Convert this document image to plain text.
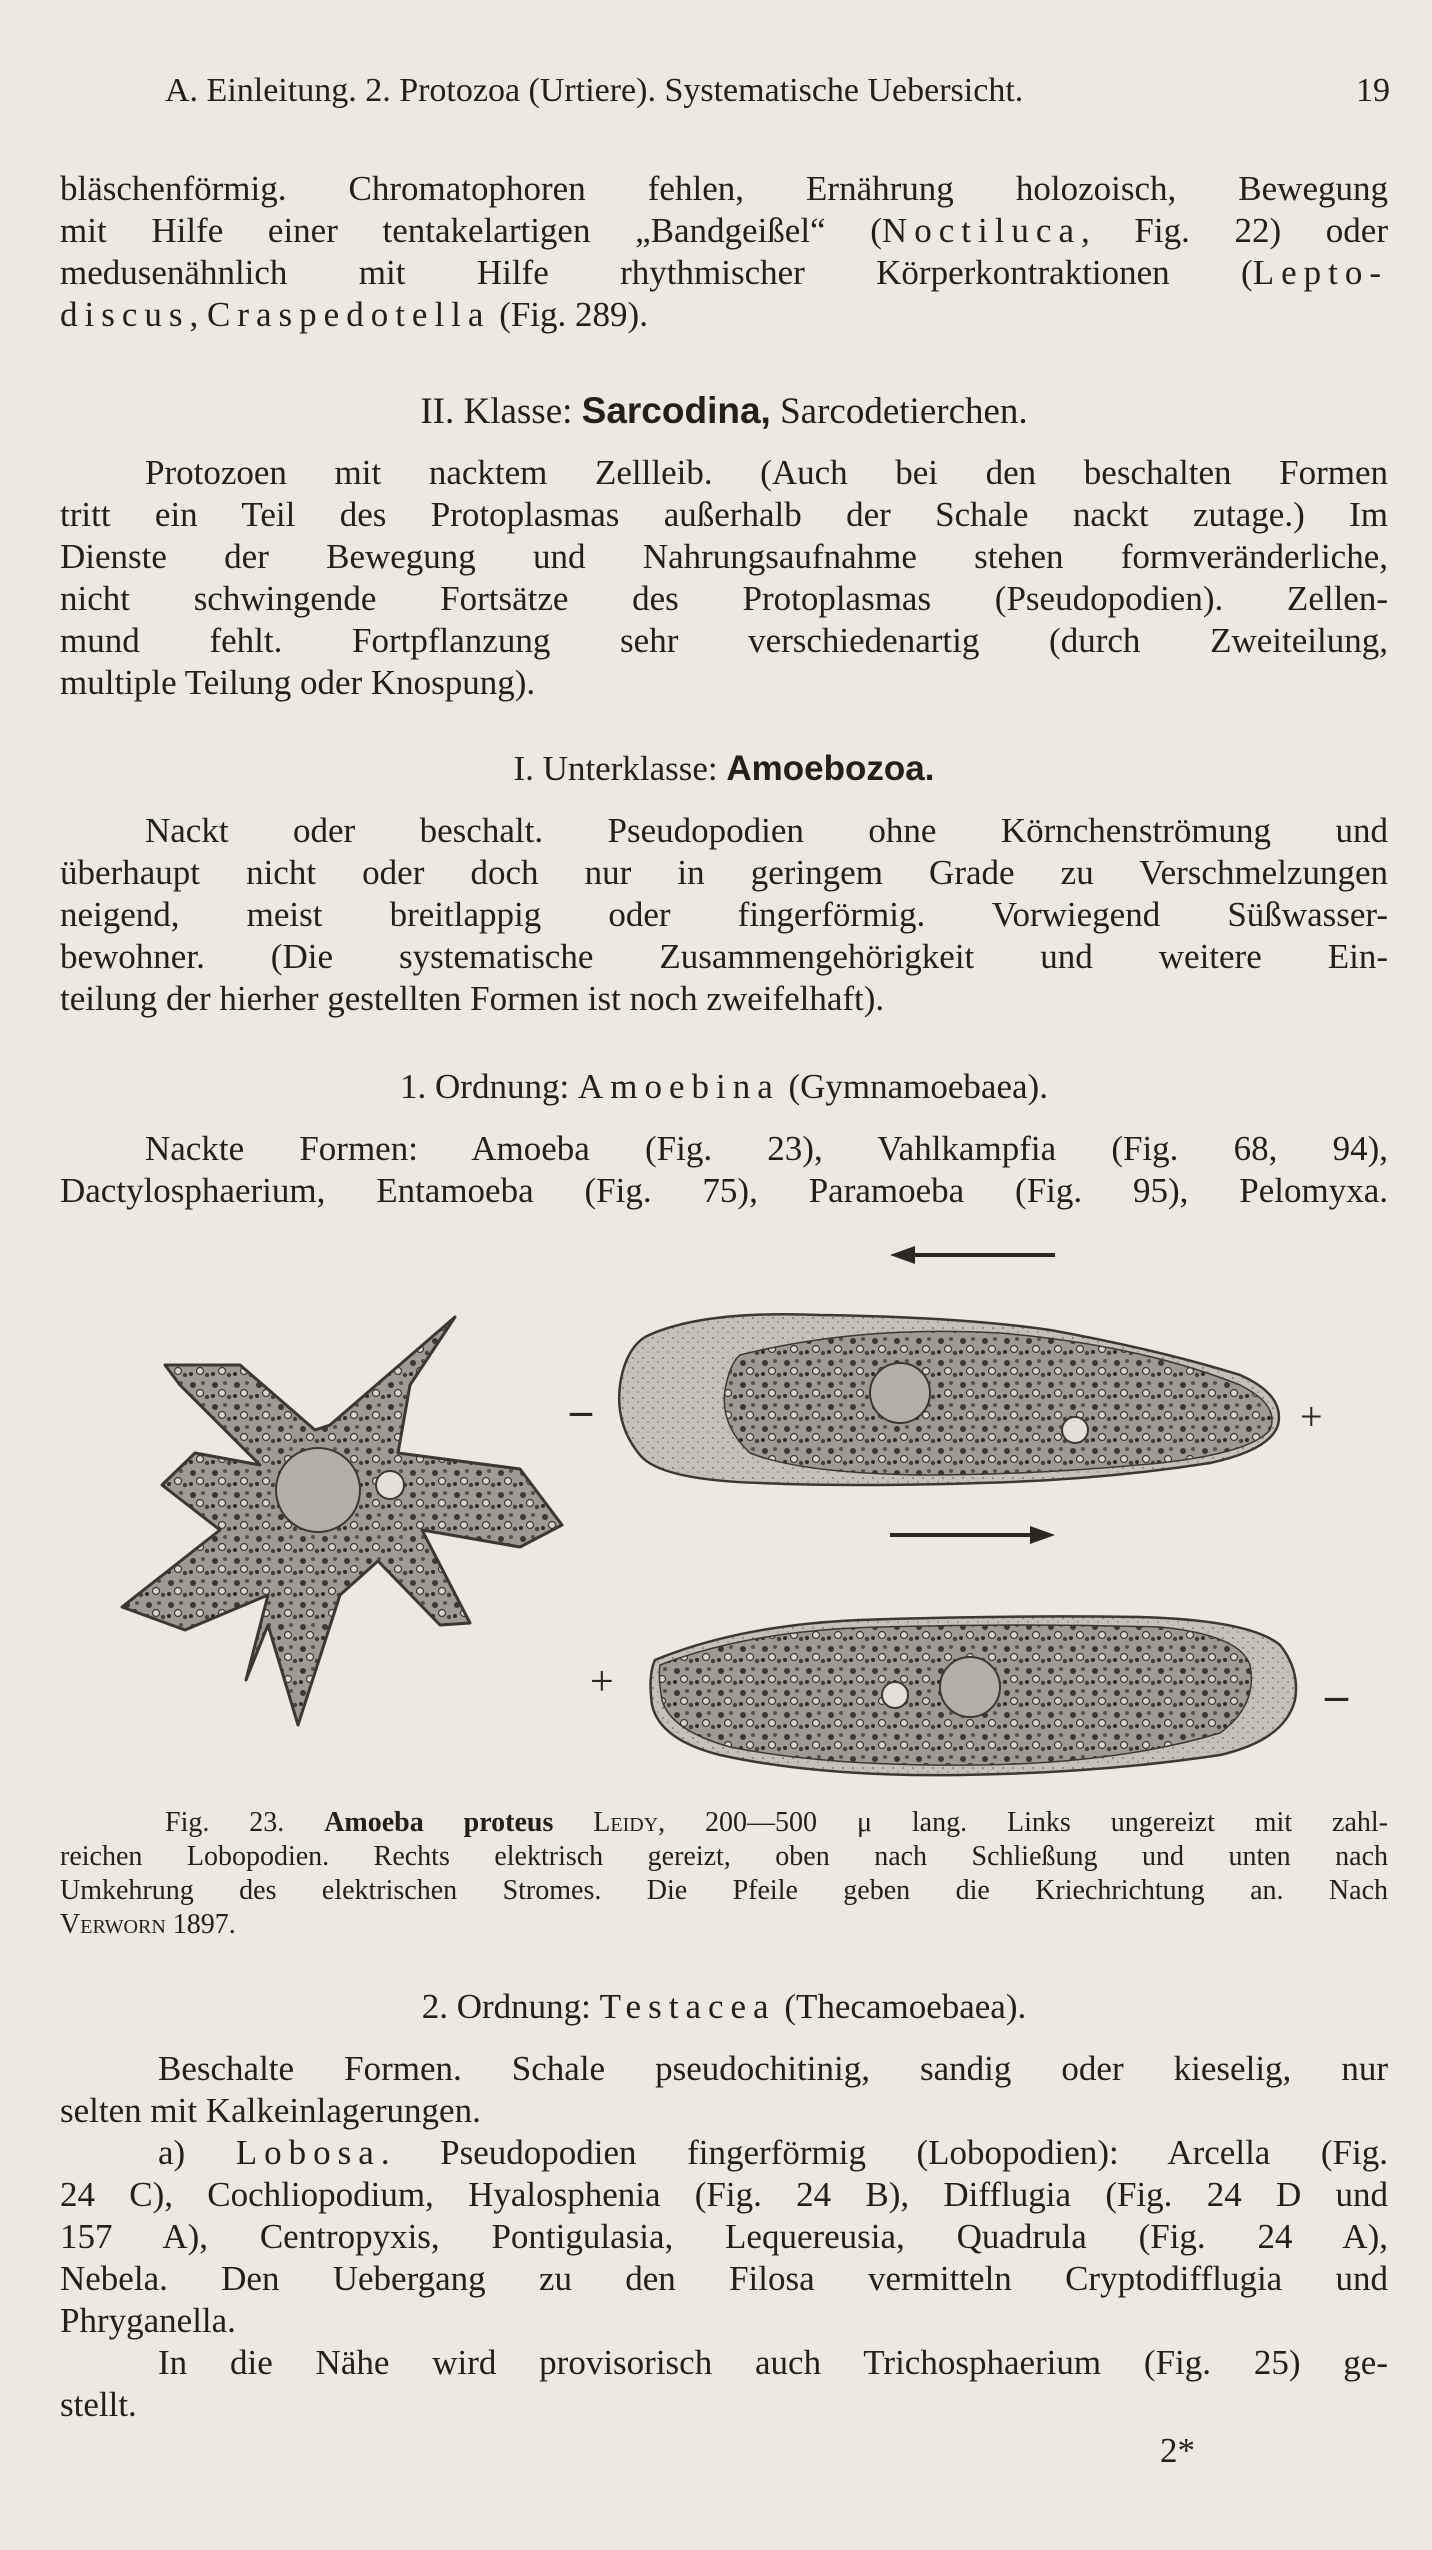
A. Einleitung. 2. Protozoa (Urtiere). Systematische Uebersicht.	19
bläschenförmig. Chromatophoren fehlen, Ernährung holozoisch, Bewegung
mit Hilfe einer tentakelartigen „Bandgeißel“ (Noctiluca, Fig. 22) oder
medusenähnlich mit Hilfe rhythmischer Körperkontraktionen (Lepto-
discus, Craspedotella (Fig. 289).
II. Klasse: Sarcodina, Sarcodetierchen.
Protozoen mit nacktem Zellleib. (Auch bei den beschalten Formen
tritt ein Teil des Protoplasmas außerhalb der Schale nackt zutage.) Im
Dienste der Bewegung und Nahrungsaufnahme stehen formveränderliche,
nicht schwingende Fortsätze des Protoplasmas (Pseudopodien). Zellen-
mund fehlt. Fortpflanzung sehr verschiedenartig (durch Zweiteilung,
multiple Teilung oder Knospung).
I. Unterklasse: Amoebozoa.
Nackt oder beschalt. Pseudopodien ohne Körnchenströmung und
überhaupt nicht oder doch nur in geringem Grade zu Verschmelzungen
neigend, meist breitlappig oder fingerförmig. Vorwiegend Süßwasser-
bewohner. (Die systematische Zusammengehörigkeit und weitere Ein-
teilung der hierher gestellten Formen ist noch zweifelhaft).
1. Ordnung: Amoebina (Gymnamoebaea).
Nackte Formen: Amoeba (Fig. 23), Vahlkampfia (Fig. 68, 94),
Dactylosphaerium, Entamoeba (Fig. 75), Paramoeba (Fig. 95), Pelomyxa.
–	+
+	–
Fig. 23. Amoeba proteus Leidy, 200—500 μ lang. Links ungereizt mit zahl-
reichen Lobopodien. Rechts elektrisch gereizt, oben nach Schließung und unten nach
Umkehrung des elektrischen Stromes. Die Pfeile geben die Kriechrichtung an. Nach
Verworn 1897.
2. Ordnung: Testacea (Thecamoebaea).
Beschalte Formen. Schale pseudochitinig, sandig oder kieselig, nur
selten mit Kalkeinlagerungen.
a) Lobosa. Pseudopodien fingerförmig (Lobopodien): Arcella (Fig.
24 C), Cochliopodium, Hyalosphenia (Fig. 24 B), Difflugia (Fig. 24 D und
157 A), Centropyxis, Pontigulasia, Lequereusia, Quadrula (Fig. 24 A),
Nebela. Den Uebergang zu den Filosa vermitteln Cryptodifflugia und
Phryganella.
In die Nähe wird provisorisch auch Trichosphaerium (Fig. 25) ge-
stellt.
2*
